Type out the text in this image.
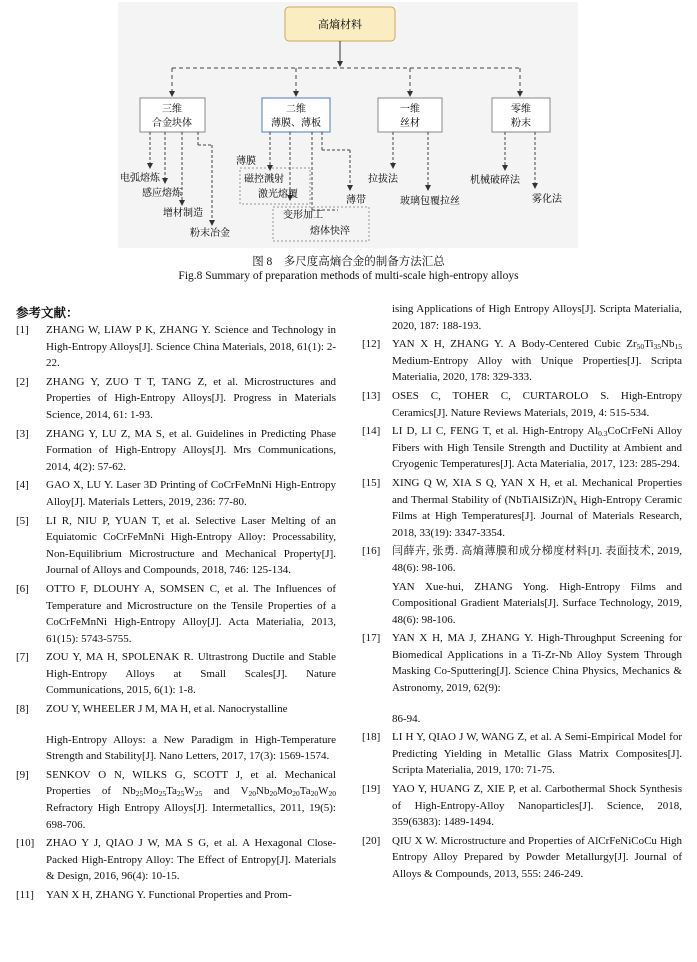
高熵材料
三维
合金块体
二维
薄膜、薄板
一维
丝材
零维
粉末
电弧熔炼
感应熔炼
增材制造
粉末冶金
薄膜
磁控溅射
激光熔覆
薄带
变形加工
熔体快淬
拉拔法
玻璃包覆拉丝
机械破碎法
雾化法
图 8　多尺度高熵合金的制备方法汇总
Fig.8 Summary of preparation methods of multi-scale high-entropy alloys
参考文献：
[1]	ZHANG W, LIAW P K, ZHANG Y. Science and Technology in High-Entropy Alloys[J]. Science China Materials, 2018, 61(1): 2-22.
[2]	ZHANG Y, ZUO T T, TANG Z, et al. Microstructures and Properties of High-Entropy Alloys[J]. Progress in Materials Science, 2014, 61: 1-93.
[3]	ZHANG Y, LU Z, MA S, et al. Guidelines in Predicting Phase Formation of High-Entropy Alloys[J]. Mrs Communications, 2014, 4(2): 57-62.
[4]	GAO X, LU Y. Laser 3D Printing of CoCrFeMnNi High-Entropy Alloy[J]. Materials Letters, 2019, 236: 77-80.
[5]	LI R, NIU P, YUAN T, et al. Selective Laser Melting of an Equiatomic CoCrFeMnNi High-Entropy Alloy: Processability, Non-Equilibrium Microstructure and Mechanical Property[J]. Journal of Alloys and Compounds, 2018, 746: 125-134.
[6]	OTTO F, DLOUHY A, SOMSEN C, et al. The Influences of Temperature and Microstructure on the Tensile Properties of a CoCrFeMnNi High-Entropy Alloy[J]. Acta Materialia, 2013, 61(15): 5743-5755.
[7]	ZOU Y, MA H, SPOLENAK R. Ultrastrong Ductile and Stable High-Entropy Alloys at Small Scales[J]. Nature Communications, 2015, 6(1): 1-8.
[8]	ZOU Y, WHEELER J M, MA H, et al. Nanocrystalline
High-Entropy Alloys: a New Paradigm in High-Temperature Strength and Stability[J]. Nano Letters, 2017, 17(3): 1569-1574.
[9]	SENKOV O N, WILKS G, SCOTT J, et al. Mechanical Properties of $Nb_{25}Mo_{25}Ta_{25}W_{25}$ and $V_{20}Nb_{20}Mo_{20}Ta_{20}W_{20}$ Refractory High Entropy Alloys[J]. Intermetallics, 2011, 19(5): 698-706.
[10]	ZHAO Y J, QIAO J W, MA S G, et al. A Hexagonal Close-Packed High-Entropy Alloy: The Effect of Entropy[J]. Materials & Design, 2016, 96(4): 10-15.
[11]	YAN X H, ZHANG Y. Functional Properties and Prom-
ising Applications of High Entropy Alloys[J]. Scripta Materialia, 2020, 187: 188-193.
[12]	YAN X H, ZHANG Y. A Body-Centered Cubic $Zr_{50}Ti_{35}Nb_{15}$ Medium-Entropy Alloy with Unique Properties[J]. Scripta Materialia, 2020, 178: 329-333.
[13]	OSES C, TOHER C, CURTAROLO S. High-Entropy Ceramics[J]. Nature Reviews Materials, 2019, 4: 515-534.
[14]	LI D, LI C, FENG T, et al. High-Entropy $Al_{0.3}CoCrFeNi$ Alloy Fibers with High Tensile Strength and Ductility at Ambient and Cryogenic Temperatures[J]. Acta Materialia, 2017, 123: 285-294.
[15]	XING Q W, XIA S Q, YAN X H, et al. Mechanical Properties and Thermal Stability of $(NbTiAlSiZr)N_x$ High-Entropy Ceramic Films at High Temperatures[J]. Journal of Materials Research, 2018, 33(19): 3347-3354.
[16]	闫薛卉, 张勇. 高熵薄膜和成分梯度材料[J]. 表面技术, 2019, 48(6): 98-106.
YAN Xue-hui, ZHANG Yong. High-Entropy Films and Compositional Gradient Materials[J]. Surface Technology, 2019, 48(6): 98-106.
[17]	YAN X H, MA J, ZHANG Y. High-Throughput Screening for Biomedical Applications in a Ti-Zr-Nb Alloy System Through Masking Co-Sputtering[J]. Science China Physics, Mechanics & Astronomy, 2019, 62(9):
86-94.
[18]	LI H Y, QIAO J W, WANG Z, et al. A Semi-Empirical Model for Predicting Yielding in Metallic Glass Matrix Composites[J]. Scripta Materialia, 2019, 170: 71-75.
[19]	YAO Y, HUANG Z, XIE P, et al. Carbothermal Shock Synthesis of High-Entropy-Alloy Nanoparticles[J]. Science, 2018, 359(6383): 1489-1494.
[20]	QIU X W. Microstructure and Properties of AlCrFeNiCoCu High Entropy Alloy Prepared by Powder Metallurgy[J]. Journal of Alloys & Compounds, 2013, 555: 246-249.
